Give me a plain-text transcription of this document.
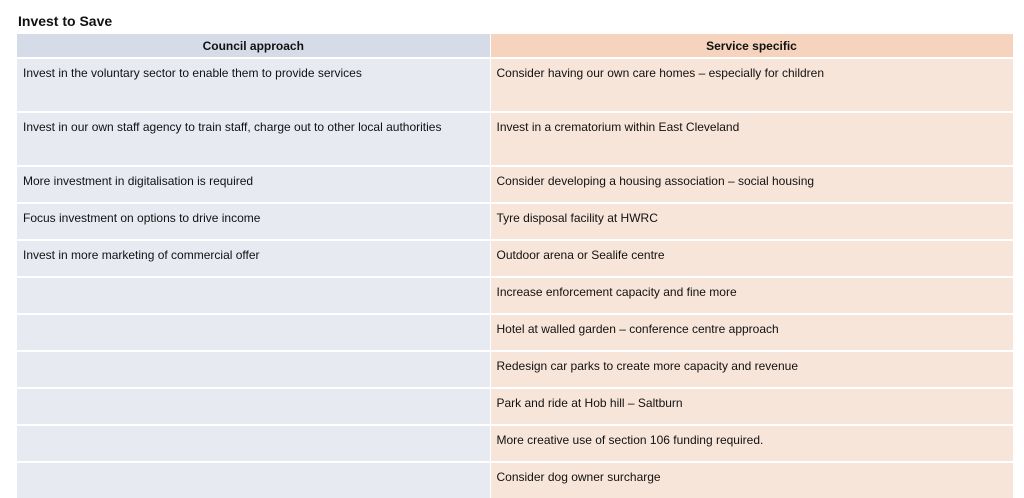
Invest to Save
Council approach	Service specific
Invest in the voluntary sector to enable them to provide services	Consider having our own care homes – especially for children
Invest in our own staff agency to train staff, charge out to other local authorities	Invest in a crematorium within East Cleveland
More investment in digitalisation is required	Consider developing a housing association – social housing
Focus investment on options to drive income	Tyre disposal facility at HWRC
Invest in more marketing of commercial offer	Outdoor arena or Sealife centre
	Increase enforcement capacity and fine more
	Hotel at walled garden – conference centre approach
	Redesign car parks to create more capacity and revenue
	Park and ride at Hob hill – Saltburn
	More creative use of section 106 funding required.
	Consider dog owner surcharge
